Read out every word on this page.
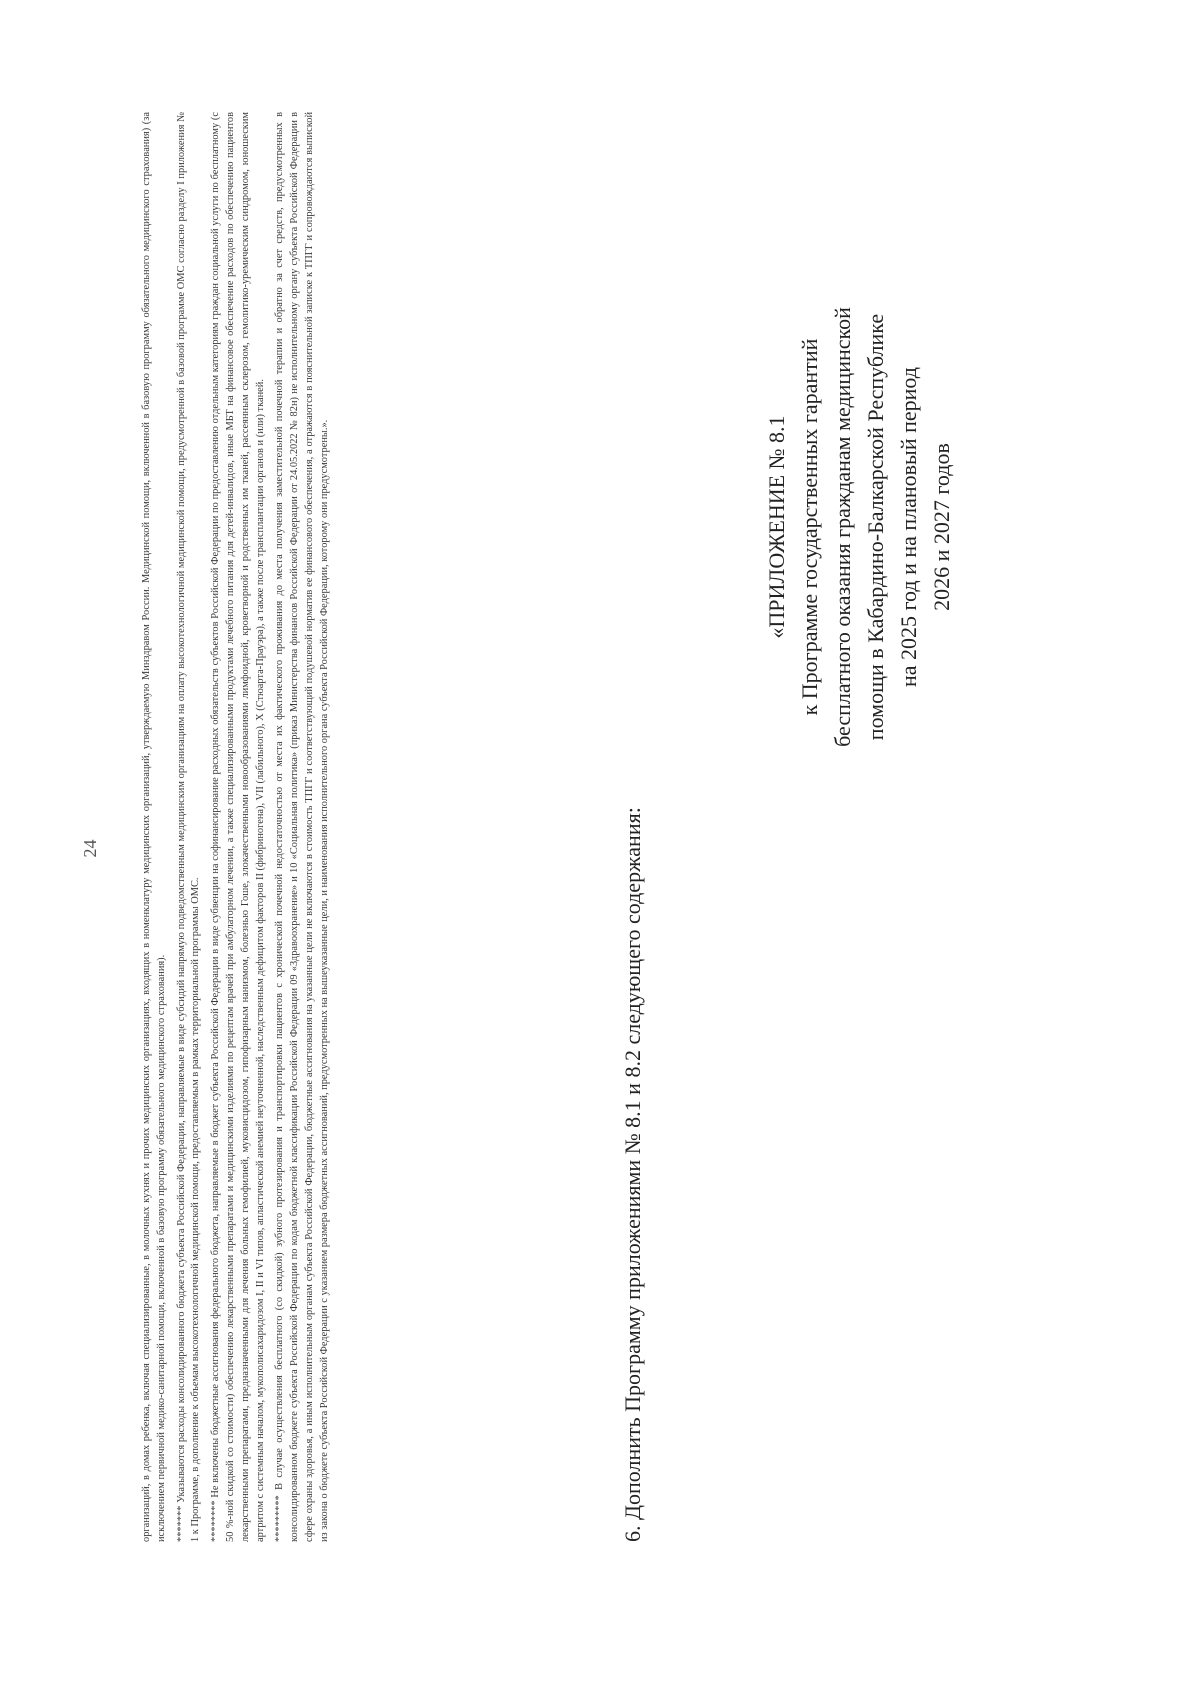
24	организаций, в домах ребенка, включая специализированные, в молочных кухнях и прочих медицинских организациях, входящих в номенклатуру медицинских организаций, утверждаемую Минздравом России. Медицинской помощи, включенной в базовую программу обязательного медицинского страхования) (за исключением первичной медико-санитарной помощи, включенной в базовую программу обязательного медицинского страхования). ******* Указываются расходы консолидированного бюджета субъекта Российской Федерации, направляемые в виде субсидий напрямую подведомственным медицинским организациям на оплату высокотехнологичной медицинской помощи, предусмотренной в базовой программе ОМС согласно разделу I приложения № 1 к Программе, в дополнение к объемам высокотехнологичной медицинской помощи, предоставляемым в рамках территориальной программы ОМС. ******** Не включены бюджетные ассигнования федерального бюджета, направляемые в бюджет субъекта Российской Федерации в виде субвенции на софинансирование расходных обязательств субъектов Российской Федерации по предоставлению отдельным категориям граждан социальной услуги по бесплатному (с 50 %-ной скидкой со стоимости) обеспечению лекарственными препаратами и медицинскими изделиями по рецептам врачей при амбулаторном лечении, а также специализированными продуктами лечебного питания для детей-инвалидов, иные МБТ на финансовое обеспечение расходов по обеспечению пациентов лекарственными препаратами, предназначенными для лечения больных гемофилией, муковисцидозом, гипофизарным нанизмом, болезнью Гоше, злокачественными новообразованиями лимфоидной, кроветворной и родственных им тканей, рассеянным склерозом, гемолитико-уремическим синдромом, юношеским артритом с системным началом, мукополисахаридозом I, II и VI типов, апластической анемией неуточненной, наследственным дефицитом факторов II (фибриногена), VII (лабильного), X (Стюарта-Прауэра), а также после трансплантации органов и (или) тканей. ********* В случае осуществления бесплатного (со скидкой) зубного протезирования и транспортировки пациентов с хронической почечной недостаточностью от места их фактического проживания до места получения заместительной почечной терапии и обратно за счет средств, предусмотренных в консолидированном бюджете субъекта Российской Федерации по кодам бюджетной классификации Российской Федерации 09 «Здравоохранение» и 10 «Социальная политика» (приказ Министерства финансов Российской Федерации от 24.05.2022 № 82н) не исполнительному органу субъекта Российской Федерации в сфере охраны здоровья, а иным исполнительным органам субъекта Российской Федерации, бюджетные ассигнования на указанные цели не включаются в стоимость ТПГГ и соответствующий подушевой норматив ее финансового обеспечения, а отражаются в пояснительной записке к ТПГГ и сопровождаются выпиской из закона о бюджете субъекта Российской Федерации с указанием размера бюджетных ассигнований, предусмотренных на вышеуказанные цели, и наименования исполнительного органа субъекта Российской Федерации, которому они предусмотрены.».	6. Дополнить Программу приложениями № 8.1 и 8.2 следующего содержания:
«ПРИЛОЖЕНИЕ № 8.1 к Программе государственных гарантий бесплатного оказания гражданам медицинской помощи в Кабардино-Балкарской Республике на 2025 год и на плановый период 2026 и 2027 годов
